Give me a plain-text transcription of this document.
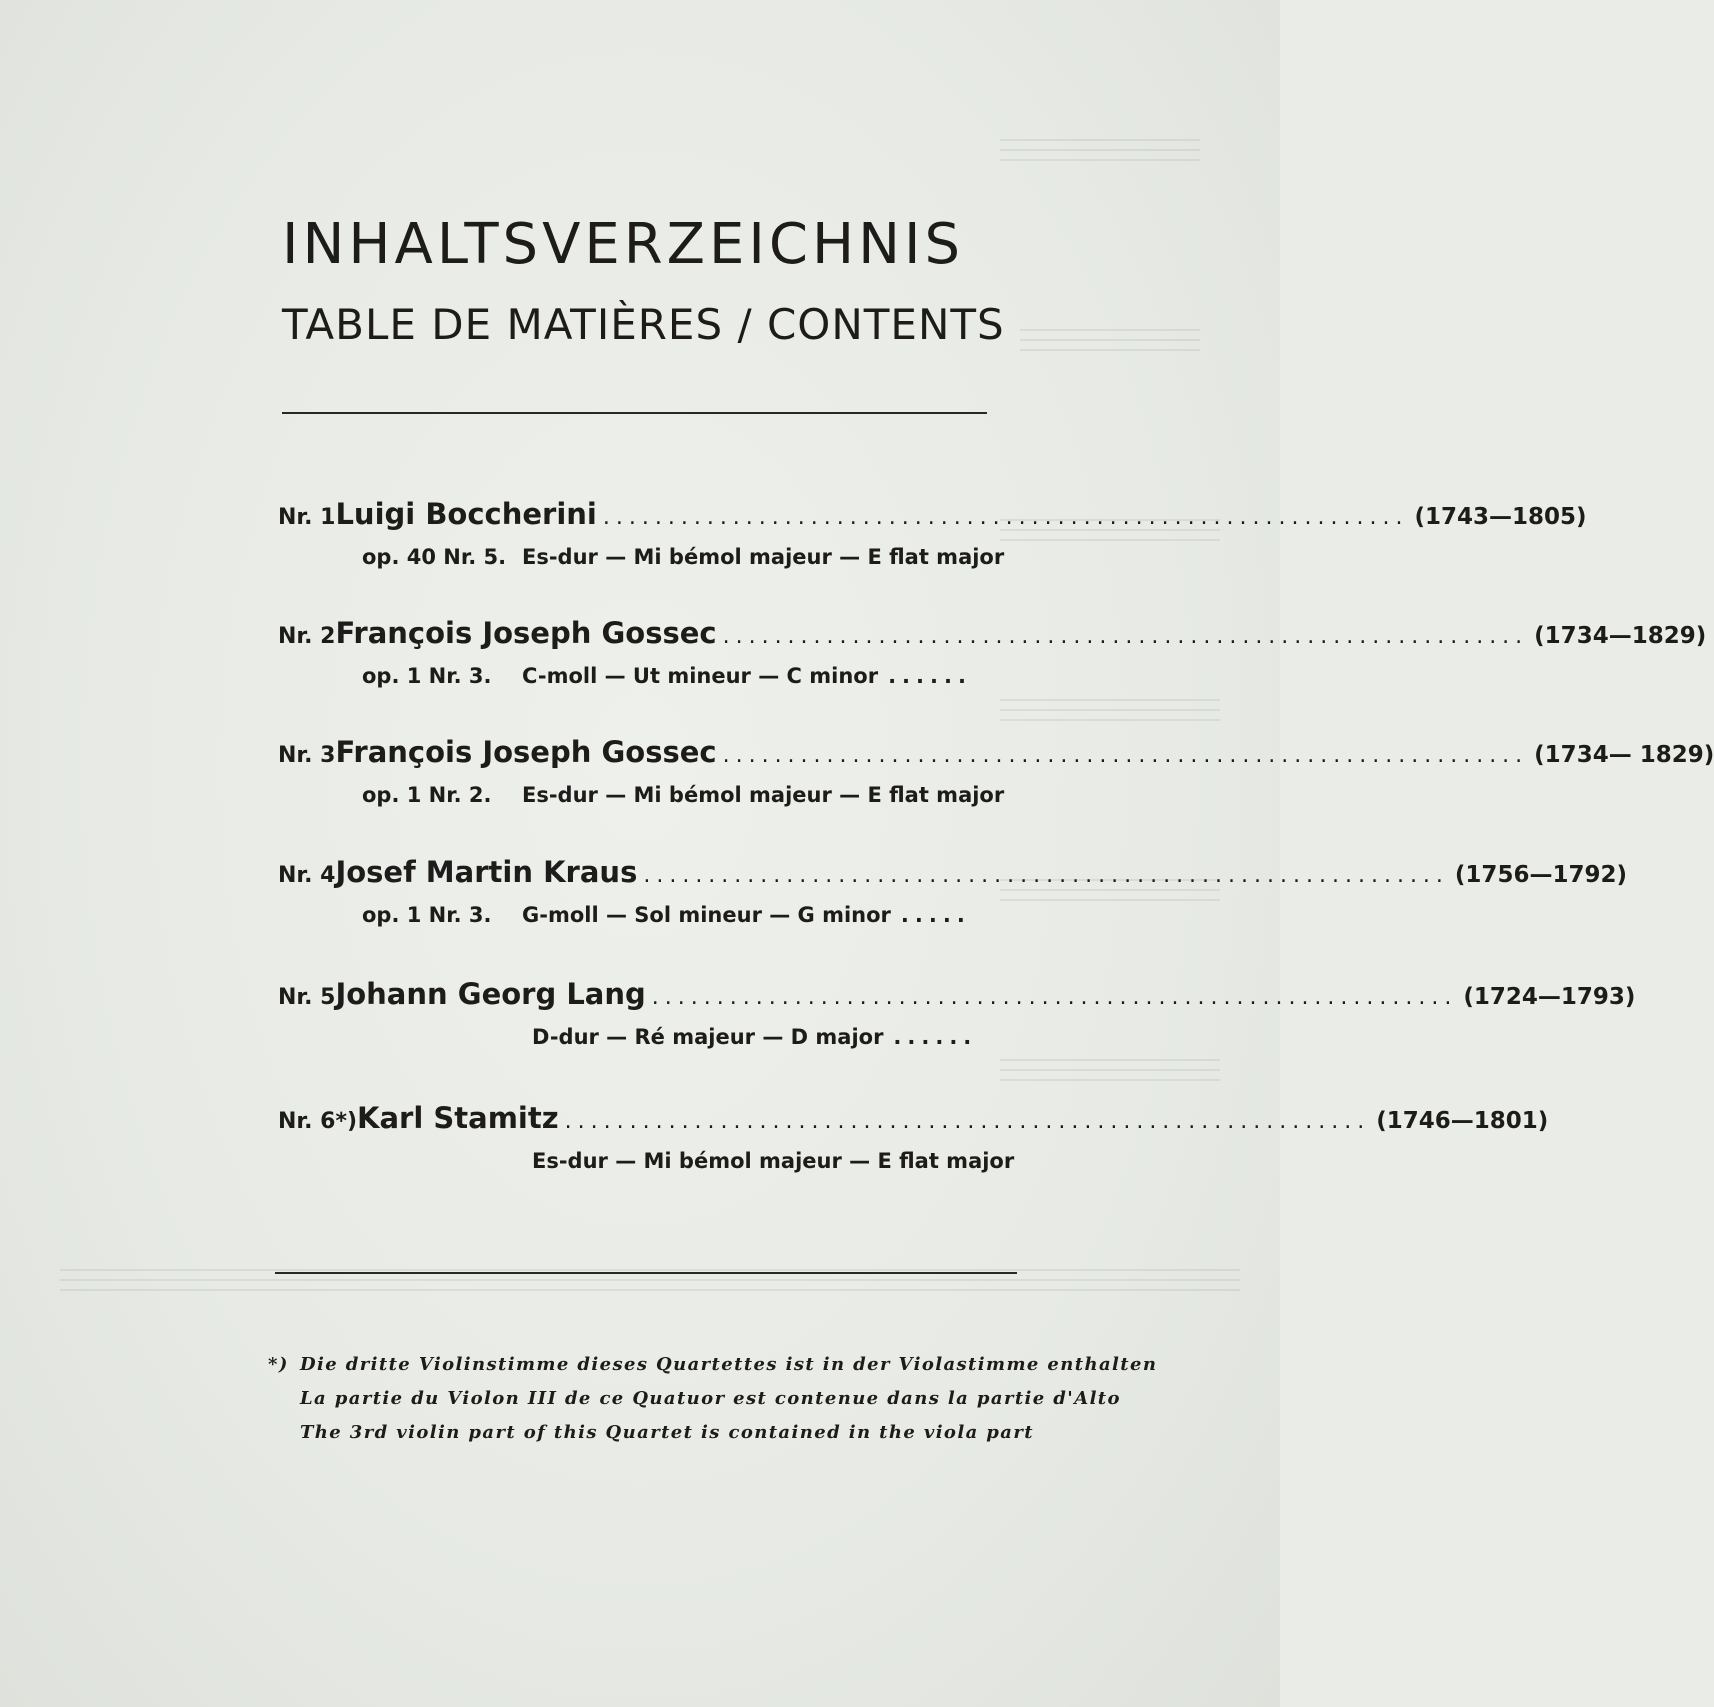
INHALTSVERZEICHNIS
TABLE DE MATIÈRES / CONTENTS
Nr. 1 Luigi Boccherini .............................................................. (1743—1805)
op. 40 Nr. 5. Es-dur — Mi bémol majeur — E flat major
Nr. 2 François Joseph Gossec .............................................................. (1734—1829)
op. 1 Nr. 3.	C-moll — Ut mineur — C minor ......
Nr. 3 François Joseph Gossec .............................................................. (1734— 1829)
op. 1 Nr. 2.	Es-dur — Mi bémol majeur — E flat major
Nr. 4 Josef Martin Kraus .............................................................. (1756—1792)
op. 1 Nr. 3.	G-moll — Sol mineur — G minor .....
Nr. 5 Johann Georg Lang .............................................................. (1724—1793)
D-dur — Ré majeur — D major ......
Nr. 6*) Karl Stamitz .............................................................. (1746—1801)
Es-dur — Mi bémol majeur — E flat major
*) Die dritte Violinstimme dieses Quartettes ist in der Violastimme enthalten
La partie du Violon III de ce Quatuor est contenue dans la partie d'Alto
The 3rd violin part of this Quartet is contained in the viola part
